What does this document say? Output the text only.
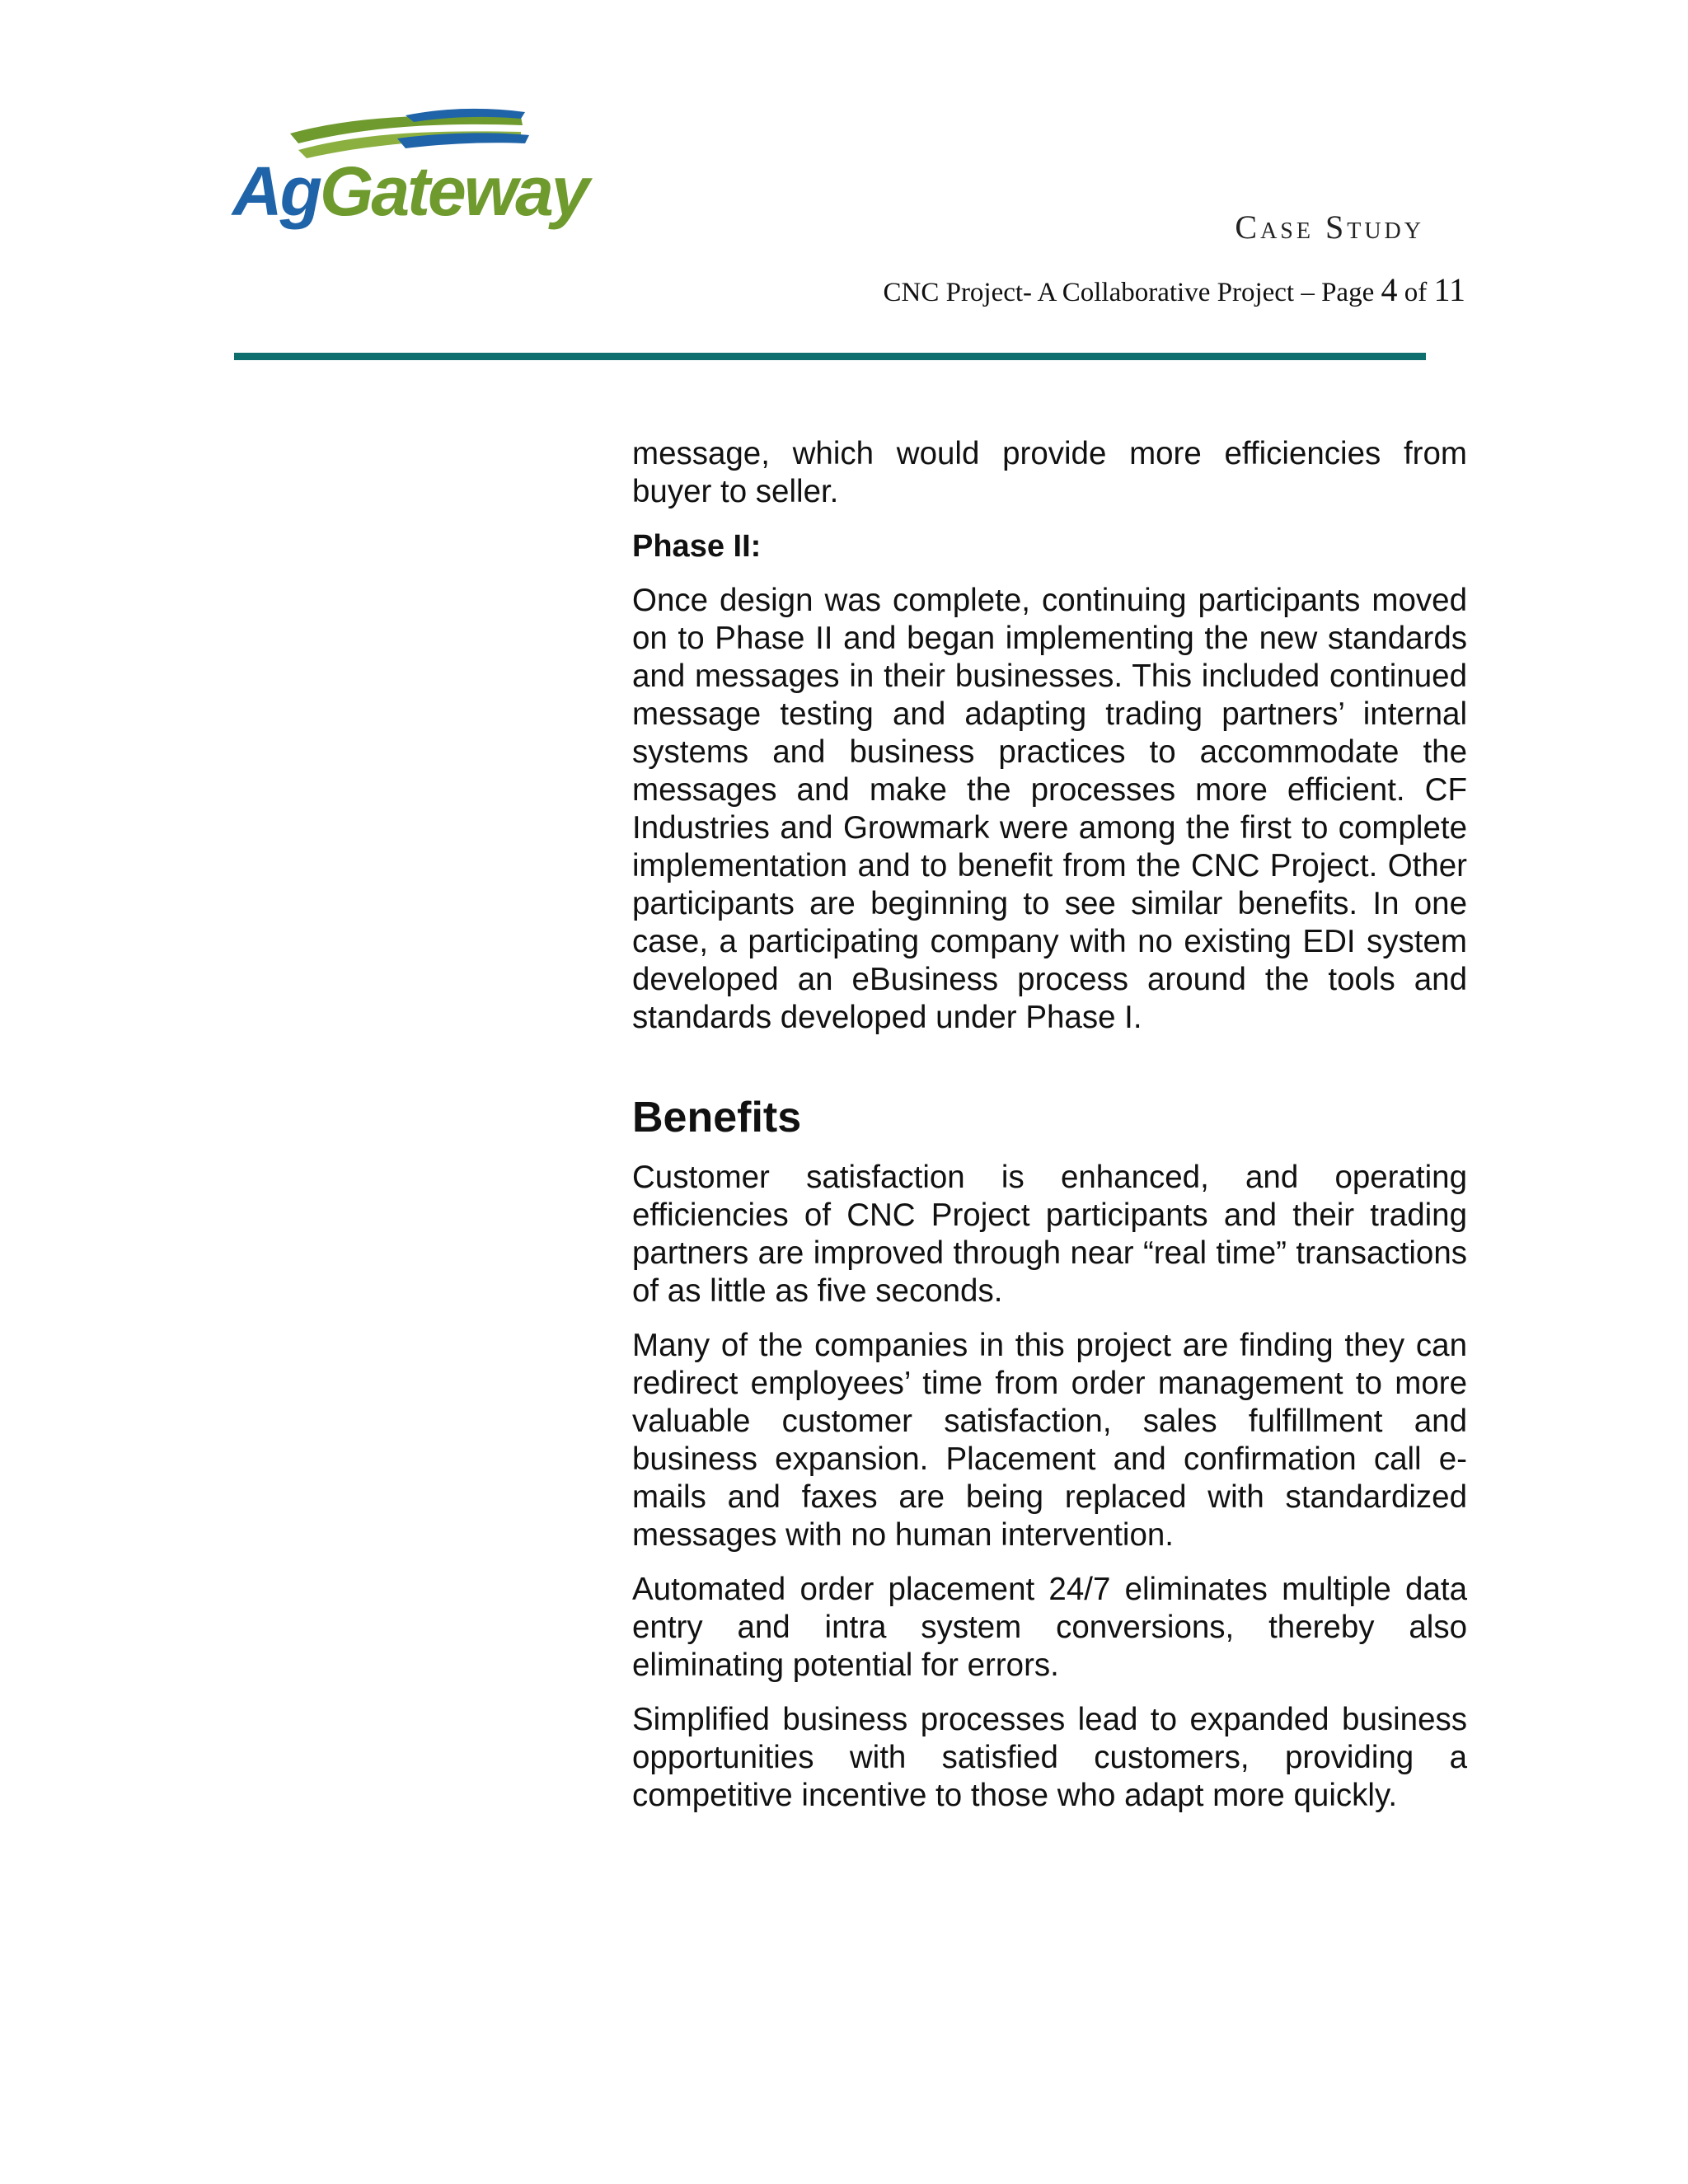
AgGateway	Case Study
CNC Project- A Collaborative Project – Page 4 of 11

message, which would provide more efficiencies from buyer to seller.

Phase II:

Once design was complete, continuing participants moved on to Phase II and began implementing the new standards and messages in their businesses. This included continued message testing and adapting trading partners’ internal systems and business practices to accommodate the messages and make the processes more efficient. CF Industries and Growmark were among the first to complete implementation and to benefit from the CNC Project. Other participants are beginning to see similar benefits. In one case, a participating company with no existing EDI system developed an eBusiness process around the tools and standards developed under Phase I.

Benefits

Customer satisfaction is enhanced, and operating efficiencies of CNC Project participants and their trading partners are improved through near “real time” transactions of as little as five seconds.

Many of the companies in this project are finding they can redirect employees’ time from order management to more valuable customer satisfaction, sales fulfillment and business expansion. Placement and confirmation call e-mails and faxes are being replaced with standardized messages with no human intervention.

Automated order placement 24/7 eliminates multiple data entry and intra system conversions, thereby also eliminating potential for errors.

Simplified business processes lead to expanded business opportunities with satisfied customers, providing a competitive incentive to those who adapt more quickly.
